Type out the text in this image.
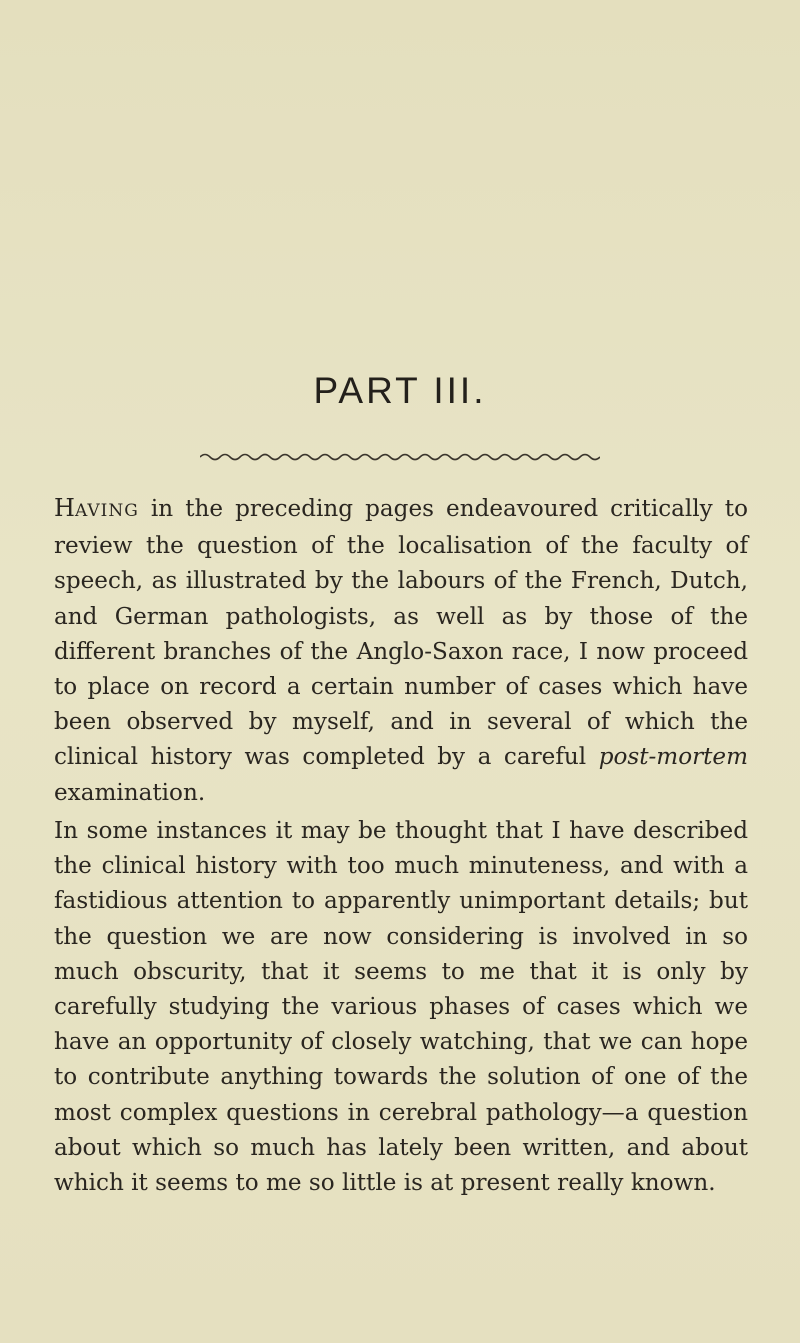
PART III.

HAVING in the preceding pages endeavoured critically to review the question of the localisation of the faculty of speech, as illustrated by the labours of the French, Dutch, and German pathologists, as well as by those of the different branches of the Anglo-Saxon race, I now proceed to place on record a certain number of cases which have been observed by myself, and in several of which the clinical history was completed by a careful post-mortem examination.

In some instances it may be thought that I have described the clinical history with too much minuteness, and with a fastidious attention to apparently unimportant details; but the question we are now considering is involved in so much obscurity, that it seems to me that it is only by carefully studying the various phases of cases which we have an opportunity of closely watching, that we can hope to contribute anything towards the solution of one of the most complex questions in cerebral pathology—a question about which so much has lately been written, and about which it seems to me so little is at present really known.
